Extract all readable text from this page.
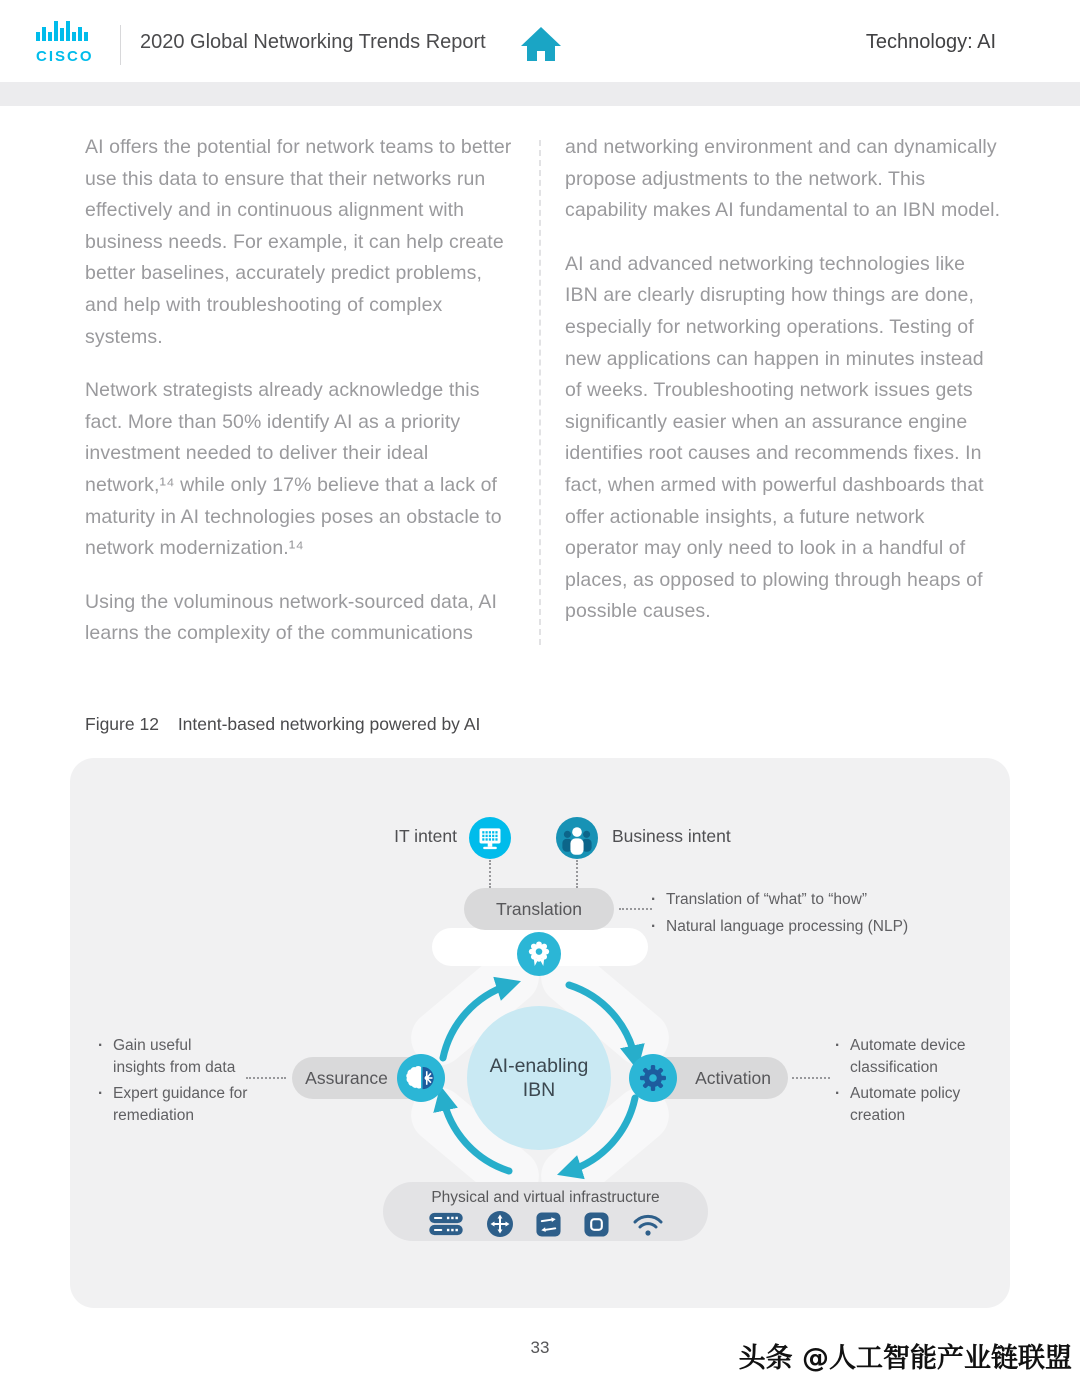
CISCO
2020 Global Networking Trends Report	Technology: AI

AI offers the potential for network teams to better use this data to ensure that their networks run effectively and in continuous alignment with business needs. For example, it can help create better baselines, accurately predict problems, and help with troubleshooting of complex systems.

Network strategists already acknowledge this fact. More than 50% identify AI as a priority investment needed to deliver their ideal network,¹⁴ while only 17% believe that a lack of maturity in AI technologies poses an obstacle to network modernization.¹⁴

Using the voluminous network-sourced data, AI learns the complexity of the communications

and networking environment and can dynamically propose adjustments to the network. This capability makes AI fundamental to an IBN model.

AI and advanced networking technologies like IBN are clearly disrupting how things are done, especially for networking operations. Testing of new applications can happen in minutes instead of weeks. Troubleshooting network issues gets significantly easier when an assurance engine identifies root causes and recommends fixes. In fact, when armed with powerful dashboards that offer actionable insights, a future network operator may only need to look in a handful of places, as opposed to plowing through heaps of possible causes.

Figure 12 Intent-based networking powered by AI
IT intent	Business intent
Translation	· Translation of “what” to “how”
· Natural language processing (NLP)
AI-enabling IBN
· Gain useful insights from data
· Expert guidance for remediation
Assurance	Activation
· Automate device classification
· Automate policy creation
Physical and virtual infrastructure
33	头条 @人工智能产业链联盟
